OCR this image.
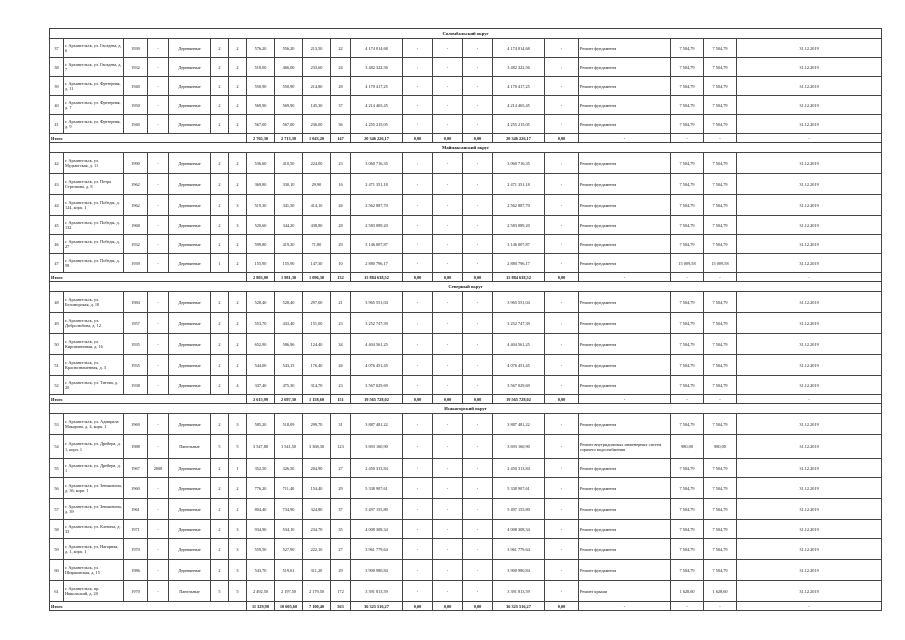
Соломбальский округ																				
37	г. Архангельск, ул. Гвоздева, д. 6	1939	-	Деревянные	2	2	576,20	556,20	213,50	22	4 174 014,68	-	-	-	4 174 014,68	-	Ремонт фундамента	7 504,79	7 504,79	31.12.2019
38	г. Архангельск, ул. Гвоздева, д. 7	1932	-	Деревянные	2	2	518,00	466,00	233,60	24	3 482 322,56	-	-	-	3 482 322,56	-	Ремонт фундамента	7 504,79	7 504,79	31.12.2019
39	г. Архангельск, ул. Фрезерная, д. 11	1940	-	Деревянные	2	2	550,90	550,90	214,80	28	4 170 417,25	-	-	-	4 170 417,25	-	Ремонт фундамента	7 504,79	7 504,79	31.12.2019
40	г. Архангельск, ул. Фрезерная, д. 7	1950	-	Деревянные	2	2	569,90	569,90	145,30	37	4 214 465,45	-	-	-	4 214 465,45	-	Ремонт фундамента	7 504,79	7 504,79	31.12.2019
41	г. Архангельск, ул. Фрезерная, д. 9	1940	-	Деревянные	2	2	567,00	567,00	236,00	36	4 255 215,05	-	-	-	4 255 215,05	-	Ремонт фундамента	7 504,79	7 504,79	31.12.2019
Итого							2 765,30	2 713,30	1 043,20	147	20 346 226,17	0,00	0,00	0,00	20 346 226,17	0,00	-	-	-	-
Маймаксанский округ																				
42	г. Архангельск, ул. Мудьюгская, д. 11	1990	-	Деревянные	2	2	536,60	410,50	224,00	23	3 060 716,35	-	-	-	3 060 716,35	-	Ремонт фундамента	7 504,79	7 504,79	31.12.2019
43	г. Архангельск, ул. Петра Стрелкова, д. 8	1962	-	Деревянные	2	2	369,80	330,10	29,90	16	2 471 351,18	-	-	-	2 471 351,18	-	Ремонт фундамента	7 504,79	7 504,79	31.12.2019
44	г. Архангельск, ул. Победы, д. 124, корп. 1	1962	-	Деревянные	2	3	519,30	341,50	414,10	26	2 562 887,70	-	-	-	2 562 887,70	-	Ремонт фундамента	7 504,79	7 504,79	31.12.2019
45	г. Архангельск, ул. Победы, д. 132	1968	-	Деревянные	2	3	520,60	344,20	438,80	28	2 583 089,20	-	-	-	2 583 089,20	-	Ремонт фундамента	7 504,79	7 504,79	31.12.2019
46	г. Архангельск, ул. Победы, д. 27	1932	-	Деревянные	2	2	599,80	419,20	71,80	29	3 146 007,87	-	-	-	3 146 007,87	-	Ремонт фундамента	7 504,79	7 504,79	31.12.2019
47	г. Архангельск, ул. Победы, д. 58	1939	-	Деревянные	1	2	155,90	155,90	147,30	10	2 880 796,17	-	-	-	2 880 796,17	-	Ремонт фундамента	15 009,58	15 009,58	31.12.2019
Итого							2 803,00	1 981,30	1 096,30	132	15 884 638,52	0,00	0,00	0,00	15 884 638,52	0,00	-	-	-	-
Северный округ																				
48	г. Архангельск, ул. Беломорская, д. 10	1984	-	Деревянные	2	2	528,40	528,40	297,00	21	3 965 551,04	-	-	-	3 965 551,04	-	Ремонт фундамента	7 504,79	7 504,79	31.12.2019
49	г. Архангельск, ул. Добролюбова, д. 12	1957	-	Деревянные	2	2	553,70	433,40	151,00	23	3 252 747,39	-	-	-	3 252 747,39	-	Ремонт фундамента	7 504,79	7 504,79	31.12.2019
50	г. Архангельск, ул. Кирпичничная, д. 16	1935	-	Деревянные	2	2	652,90	586,96	124,40	34	4 404 561,25	-	-	-	4 404 561,25	-	Ремонт фундамента	7 504,79	7 504,79	31.12.2019
51	г. Архангельск, ул. Краснознаменная, д. 3	1935	-	Деревянные	2	2	544,00	543,15	176,40	26	4 076 451,45	-	-	-	4 076 451,45	-	Ремонт фундамента	7 504,79	7 504,79	31.12.2019
52	г. Архангельск, ул. Титова, д. 20	1938	-	Деревянные	2	4	337,40	475,30	314,70	23	3 567 029,69	-	-	-	3 567 029,69	-	Ремонт фундамента	7 504,79	7 504,79	31.12.2019
Итого							2 615,99	2 697,30	1 158,60	151	19 565 728,02	0,00	0,00	0,00	19 565 728,02	0,00	-	-	-	-
Исакогорский округ																				
53	г. Архангельск, ул. Адмирала Макарова, д. 4, корп. 1	1969	-	Деревянные	2	3	585,20	518,09	299,70	31	3 887 481,22	-	-	-	3 887 481,22	-	Ремонт фундамента	7 504,79	7 504,79	31.12.2019
54	г. Архангельск, ул. Дрейера, д. 1, корп. 1	1988	-	Панельные	5	5	3 547,80	1 541,50	3 368,30	123	3 693 160,90	-	-	-	3 693 160,90	-	Ремонт внутридомовых инженерных систем горячего водоснабжения	980,00	980,00	31.12.2019
55	г. Архангельск, ул. Дрейера, д. 1	1967	2008	Деревянные	2	1	352,50	326,50	204,90	27	2 450 313,84	-	-	-	2 450 313,84	-	Ремонт фундамента	7 504,79	7 504,79	31.12.2019
56	г. Архангельск, ул. Зеньковича, д. 36, корп. 1	1960	-	Деревянные	2	2	776,20	711,40	154,40	29	5 338 907,61	-	-	-	5 338 907,61	-	Ремонт фундамента	7 504,79	7 504,79	31.12.2019
57	г. Архангельск, ул. Зеньковича, д. 39	1961	-	Деревянные	2	2	804,40	734,90	324,80	37	5 497 155,80	-	-	-	5 497 155,80	-	Ремонт фундамента	7 504,79	7 504,79	31.12.2019
58	г. Архангельск, ул. Клепача, д. 33	1971	-	Деревянные	2	3	934,90	534,10	234,70	35	4 008 308,34	-	-	-	4 008 308,34	-	Ремонт фундамента	7 504,79	7 504,79	31.12.2019
59	г. Архангельск, ул. Нагорная, д. 1, корп. 1	1970	-	Деревянные	2	3	559,50	527,90	222,10	27	3 961 779,64	-	-	-	3 961 779,64	-	Ремонт фундамента	7 504,79	7 504,79	31.12.2019
60	г. Архангельск, ул. Ширшовская, д. 15	1986	-	Деревянные	2	3	543,70	519,61	311,20	29	3 900 980,84	-	-	-	3 900 980,84	-	Ремонт фундамента	7 504,79	7 504,79	31.12.2019
61	г. Архангельск, пр. Никольский, д. 20	1970	-	Панельные	5	5	2 492,50	2 197,50	2 179,50	172	3 391 813,59	-	-	-	3 391 813,59	-	Ремонт крыши	1 628,60	1 628,60	31.12.2019
Итого							11 329,90	10 605,60	7 100,40	563	36 325 516,27	0,00	0,00	0,00	36 325 516,27	0,00	-	-	-	-
